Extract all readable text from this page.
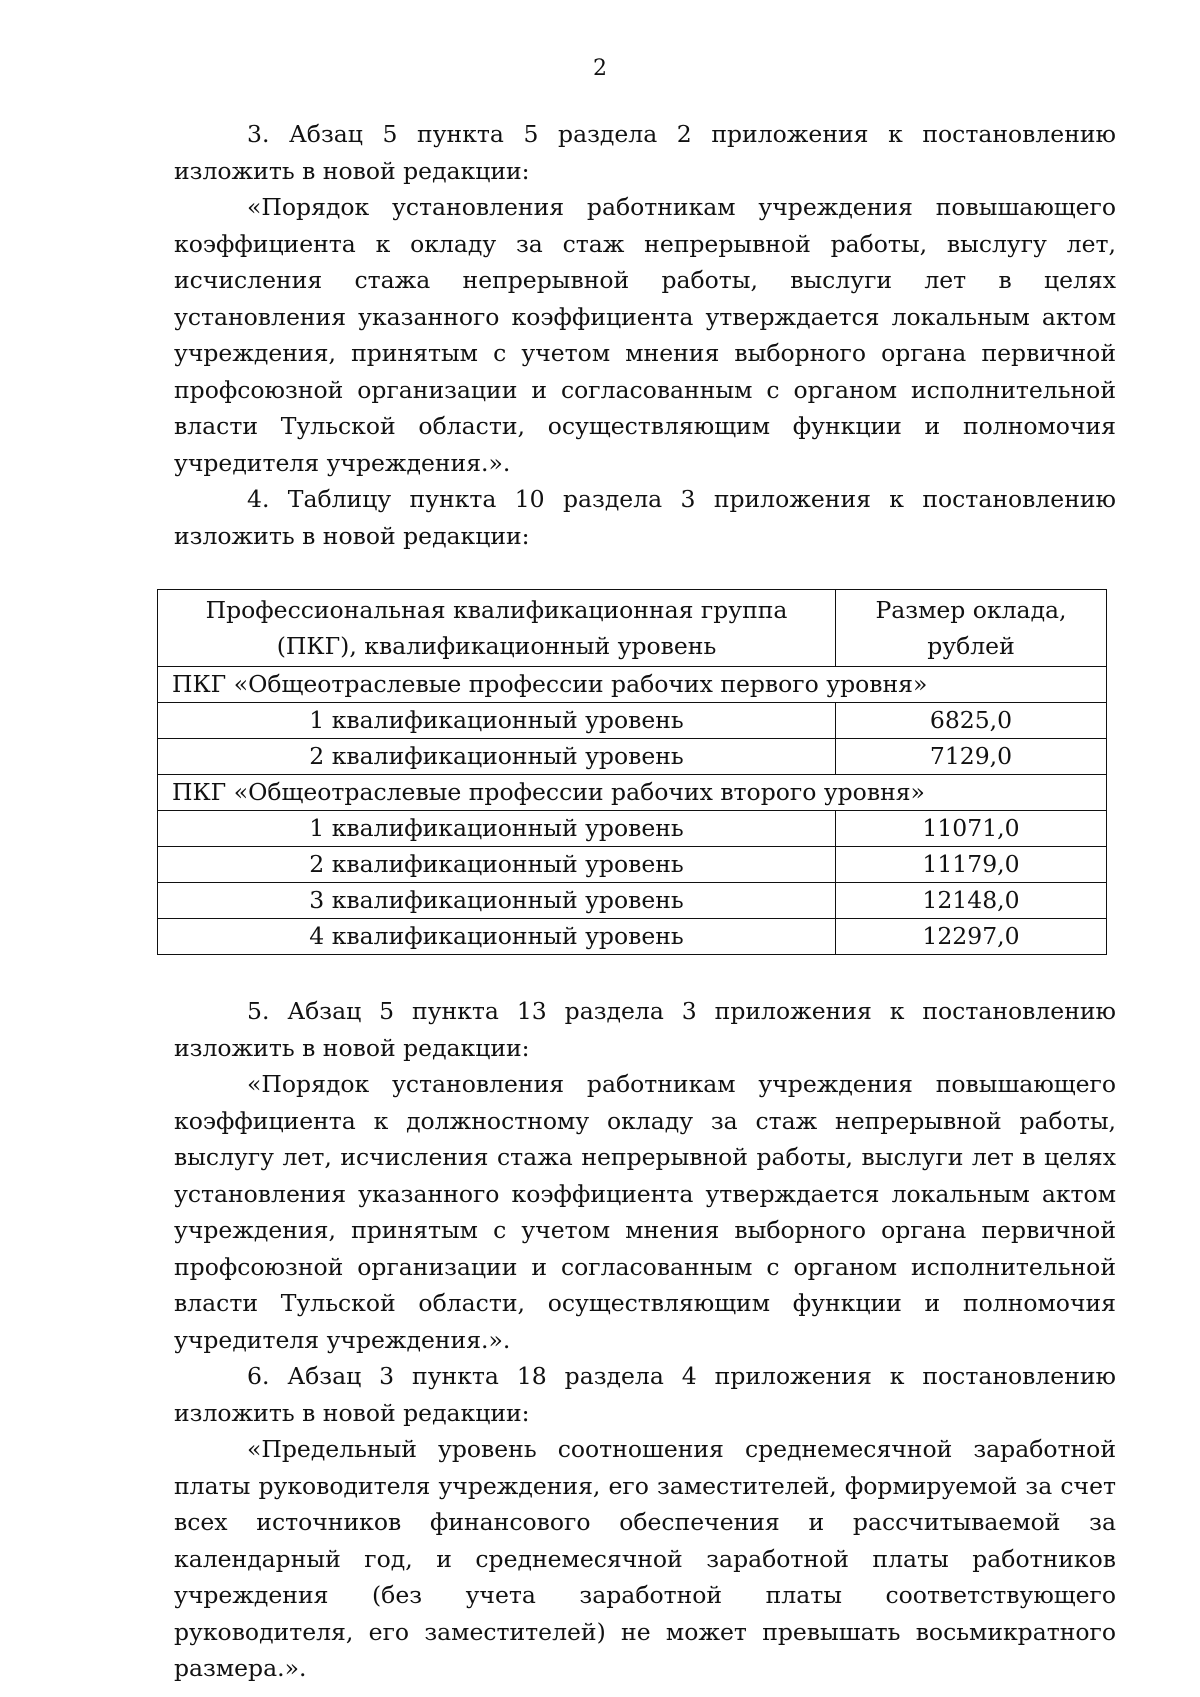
2

3. Абзац 5 пункта 5 раздела 2 приложения к постановлению изложить в новой редакции:

«Порядок установления работникам учреждения повышающего коэффициента к окладу за стаж непрерывной работы, выслугу лет, исчисления стажа непрерывной работы, выслуги лет в целях установления указанного коэффициента утверждается локальным актом учреждения, принятым с учетом мнения выборного органа первичной профсоюзной организации и согласованным с органом исполнительной власти Тульской области, осуществляющим функции и полномочия учредителя учреждения.».

4. Таблицу пункта 10 раздела 3 приложения к постановлению изложить в новой редакции:

Профессиональная квалификационная группа (ПКГ), квалификационный уровень	Размер оклада, рублей
ПКГ «Общеотраслевые профессии рабочих первого уровня»	
1 квалификационный уровень	6825,0
2 квалификационный уровень	7129,0
ПКГ «Общеотраслевые профессии рабочих второго уровня»	
1 квалификационный уровень	11071,0
2 квалификационный уровень	11179,0
3 квалификационный уровень	12148,0
4 квалификационный уровень	12297,0

5. Абзац 5 пункта 13 раздела 3 приложения к постановлению изложить в новой редакции:

«Порядок установления работникам учреждения повышающего коэффициента к должностному окладу за стаж непрерывной работы, выслугу лет, исчисления стажа непрерывной работы, выслуги лет в целях установления указанного коэффициента утверждается локальным актом учреждения, принятым с учетом мнения выборного органа первичной профсоюзной организации и согласованным с органом исполнительной власти Тульской области, осуществляющим функции и полномочия учредителя учреждения.».

6. Абзац 3 пункта 18 раздела 4 приложения к постановлению изложить в новой редакции:

«Предельный уровень соотношения среднемесячной заработной платы руководителя учреждения, его заместителей, формируемой за счет всех источников финансового обеспечения и рассчитываемой за календарный год, и среднемесячной заработной платы работников учреждения (без учета заработной платы соответствующего руководителя, его заместителей) не может превышать восьмикратного размера.».
